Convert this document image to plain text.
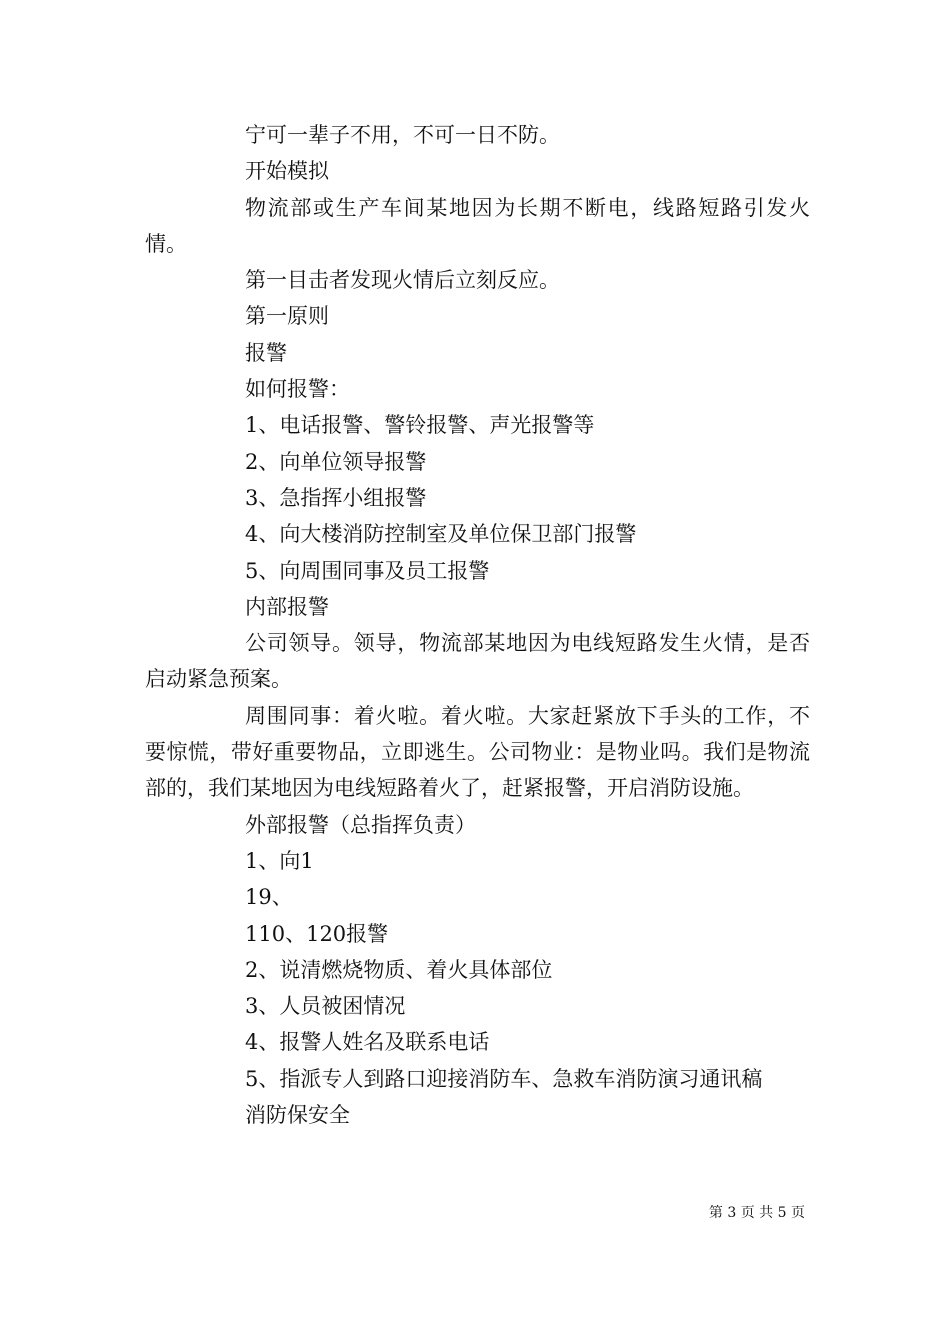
宁可一辈子不用，不可一日不防。
开始模拟
物流部或生产车间某地因为长期不断电，线路短路引发火情。
第一目击者发现火情后立刻反应。
第一原则
报警
如何报警：
1、电话报警、警铃报警、声光报警等
2、向单位领导报警
3、急指挥小组报警
4、向大楼消防控制室及单位保卫部门报警
5、向周围同事及员工报警
内部报警
公司领导。领导，物流部某地因为电线短路发生火情，是否启动紧急预案。
周围同事：着火啦。着火啦。大家赶紧放下手头的工作，不要惊慌，带好重要物品，立即逃生。公司物业：是物业吗。我们是物流部的，我们某地因为电线短路着火了，赶紧报警，开启消防设施。
外部报警（总指挥负责）
1、向1
19、
110、120报警
2、说清燃烧物质、着火具体部位
3、人员被困情况
4、报警人姓名及联系电话
5、指派专人到路口迎接消防车、急救车消防演习通讯稿
消防保安全
第 3 页 共 5 页
